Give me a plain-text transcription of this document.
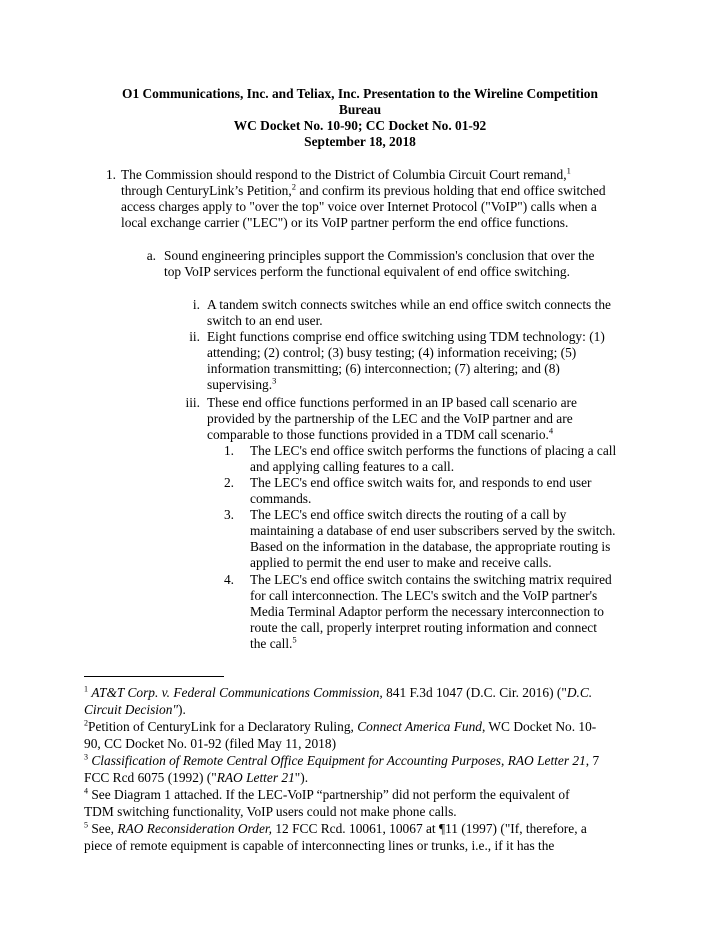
O1 Communications, Inc. and Teliax, Inc. Presentation to the Wireline Competition
Bureau
WC Docket No. 10-90; CC Docket No. 01-92
September 18, 2018
1. The Commission should respond to the District of Columbia Circuit Court remand,$^1$
through CenturyLink’s Petition,$^2$ and confirm its previous holding that end office switched
access charges apply to "over the top" voice over Internet Protocol ("VoIP") calls when a
local exchange carrier ("LEC") or its VoIP partner perform the end office functions.
a. Sound engineering principles support the Commission's conclusion that over the
top VoIP services perform the functional equivalent of end office switching.
i. A tandem switch connects switches while an end office switch connects the
switch to an end user.
ii. Eight functions comprise end office switching using TDM technology: (1)
attending; (2) control; (3) busy testing; (4) information receiving; (5)
information transmitting; (6) interconnection; (7) altering; and (8)
supervising.$^3$
iii. These end office functions performed in an IP based call scenario are
provided by the partnership of the LEC and the VoIP partner and are
comparable to those functions provided in a TDM call scenario.$^4$
1. The LEC's end office switch performs the functions of placing a call
and applying calling features to a call.
2. The LEC's end office switch waits for, and responds to end user
commands.
3. The LEC's end office switch directs the routing of a call by
maintaining a database of end user subscribers served by the switch.
Based on the information in the database, the appropriate routing is
applied to permit the end user to make and receive calls.
4. The LEC's end office switch contains the switching matrix required
for call interconnection. The LEC's switch and the VoIP partner's
Media Terminal Adaptor perform the necessary interconnection to
route the call, properly interpret routing information and connect
the call.$^5$
$^1$ AT&T Corp. v. Federal Communications Commission, 841 F.3d 1047 (D.C. Cir. 2016) ("D.C.
Circuit Decision").
$^2$Petition of CenturyLink for a Declaratory Ruling, Connect America Fund, WC Docket No. 10-
90, CC Docket No. 01-92 (filed May 11, 2018)
$^3$ Classification of Remote Central Office Equipment for Accounting Purposes, RAO Letter 21, 7
FCC Rcd 6075 (1992) ("RAO Letter 21").
$^4$ See Diagram 1 attached. If the LEC-VoIP “partnership” did not perform the equivalent of
TDM switching functionality, VoIP users could not make phone calls.
$^5$ See, RAO Reconsideration Order, 12 FCC Rcd. 10061, 10067 at ¶11 (1997) ("If, therefore, a
piece of remote equipment is capable of interconnecting lines or trunks, i.e., if it has the
